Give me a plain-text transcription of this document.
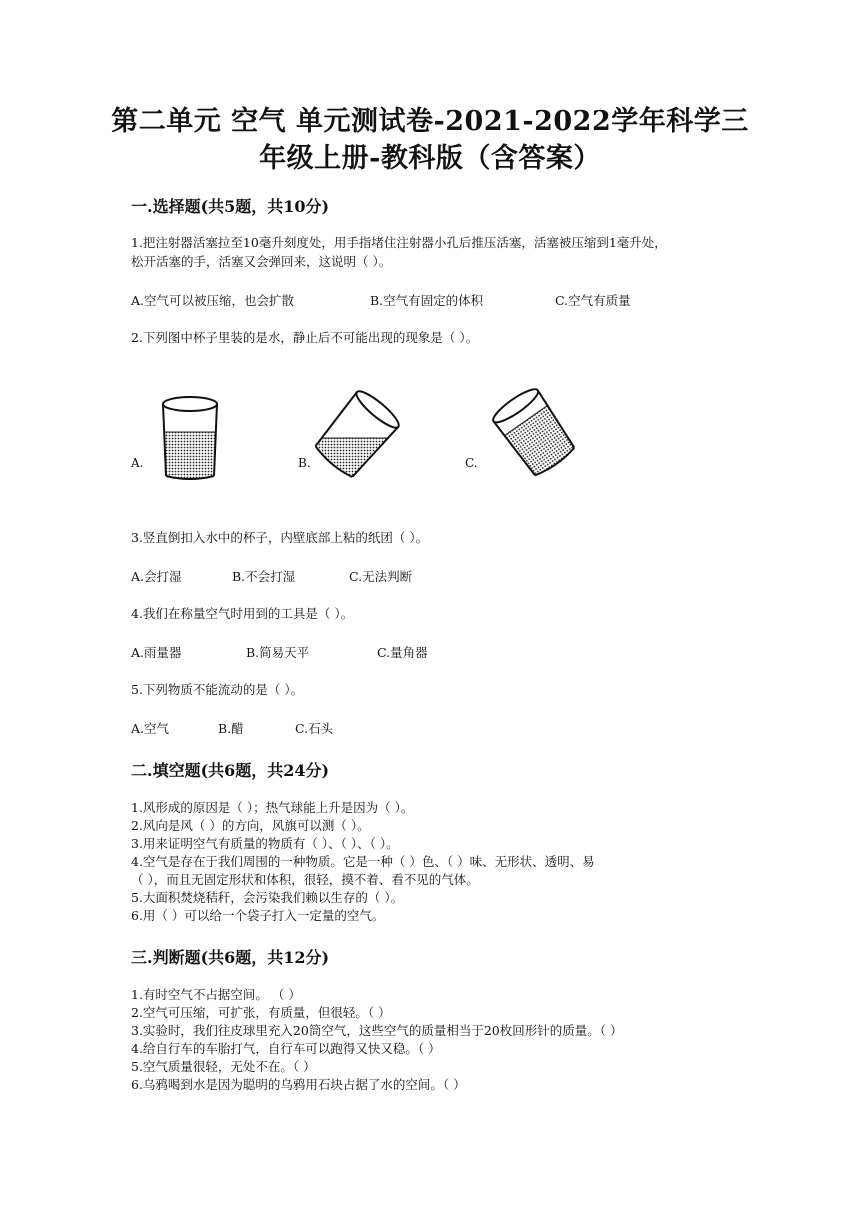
第二单元 空气 单元测试卷-2021-2022学年科学三
年级上册-教科版（含答案）
一.选择题(共5题，共10分)
1.把注射器活塞拉至10毫升刻度处，用手指堵住注射器小孔后推压活塞，活塞被压缩到1毫升处，
松开活塞的手，活塞又会弹回来，这说明（ ）。
A.空气可以被压缩，也会扩散	B.空气有固定的体积	C.空气有质量
2.下列图中杯子里装的是水，静止后不可能出现的现象是（ ）。
A.	B.	C.
3.竖直倒扣入水中的杯子，内壁底部上粘的纸团（ ）。
A.会打湿	B.不会打湿	C.无法判断
4.我们在称量空气时用到的工具是（ ）。
A.雨量器	B.简易天平	C.量角器
5.下列物质不能流动的是（ ）。
A.空气	B.醋	C.石头
二.填空题(共6题，共24分)
1.风形成的原因是（ ）；热气球能上升是因为（ ）。
2.风向是风（ ）的方向，风旗可以测（ ）。
3.用来证明空气有质量的物质有（ ）、（ ）、（ ）。
4.空气是存在于我们周围的一种物质。它是一种（ ）色、（ ）味、无形状、透明、易
（ ），而且无固定形状和体积，很轻，摸不着、看不见的气体。
5.大面积焚烧秸秆，会污染我们赖以生存的（ ）。
6.用（ ）可以给一个袋子打入一定量的空气。
三.判断题(共6题，共12分)
1.有时空气不占据空间。 （ ）
2.空气可压缩，可扩张，有质量，但很轻。（ ）
3.实验时，我们往皮球里充入20筒空气，这些空气的质量相当于20枚回形针的质量。（ ）
4.给自行车的车胎打气，自行车可以跑得又快又稳。（ ）
5.空气质量很轻，无处不在。（ ）
6.乌鸦喝到水是因为聪明的乌鸦用石块占据了水的空间。（ ）
